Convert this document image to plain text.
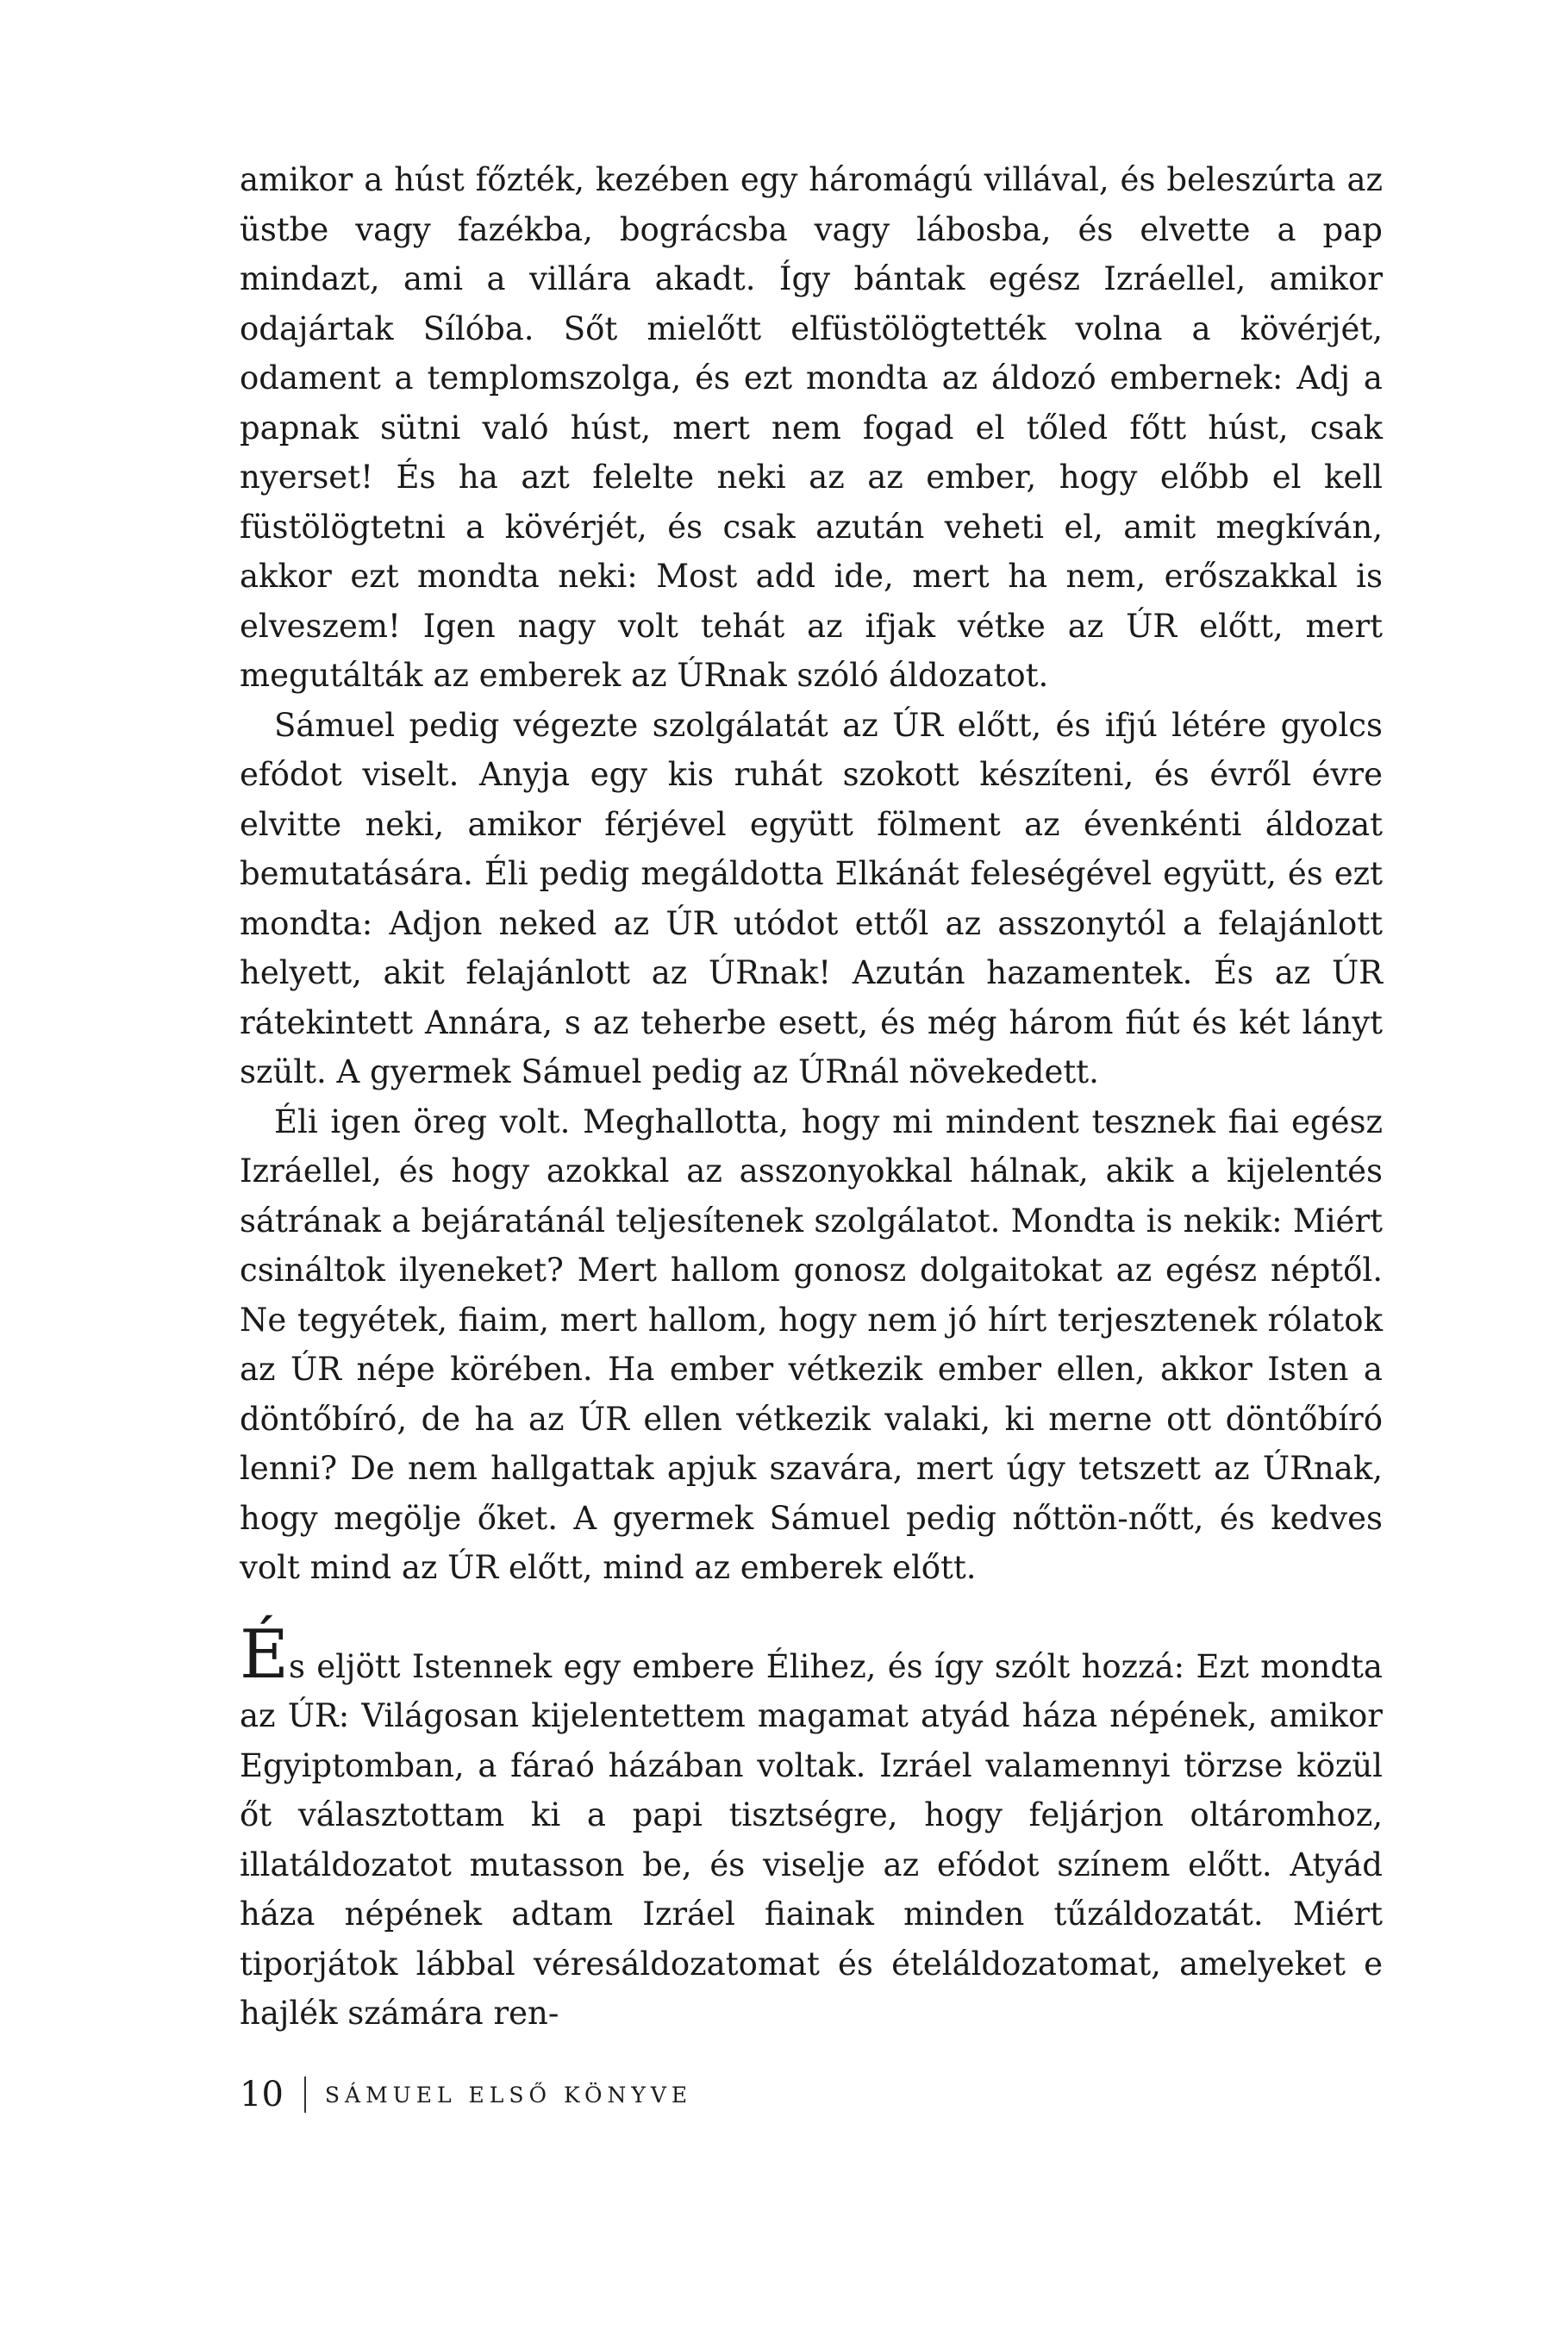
amikor a húst főzték, kezében egy háromágú villával, és beleszúrta az üstbe vagy fazékba, bográcsba vagy lábosba, és elvette a pap mindazt, ami a villára akadt. Így bántak egész Izráellel, amikor odajártak Sílóba. Sőt mielőtt elfüstölögtették volna a kövérjét, odament a templomszolga, és ezt mondta az áldozó embernek: Adj a papnak sütni való húst, mert nem fogad el tőled főtt húst, csak nyerset! És ha azt felelte neki az az ember, hogy előbb el kell füstölögtetni a kövérjét, és csak azután veheti el, amit megkíván, akkor ezt mondta neki: Most add ide, mert ha nem, erőszakkal is elveszem! Igen nagy volt tehát az ifjak vétke az ÚR előtt, mert megutálták az emberek az ÚRnak szóló áldozatot.

Sámuel pedig végezte szolgálatát az ÚR előtt, és ifjú létére gyolcs efódot viselt. Anyja egy kis ruhát szokott készíteni, és évről évre elvitte neki, amikor férjével együtt fölment az évenkénti áldozat bemutatására. Éli pedig megáldotta Elkánát feleségével együtt, és ezt mondta: Adjon neked az ÚR utódot ettől az asszonytól a felajánlott helyett, akit felajánlott az ÚRnak! Azután hazamentek. És az ÚR rátekintett Annára, s az teherbe esett, és még három fiút és két lányt szült. A gyermek Sámuel pedig az ÚRnál növekedett.

Éli igen öreg volt. Meghallotta, hogy mi mindent tesznek fiai egész Izráellel, és hogy azokkal az asszonyokkal hálnak, akik a kijelentés sátrának a bejáratánál teljesítenek szolgálatot. Mondta is nekik: Miért csináltok ilyeneket? Mert hallom gonosz dolgaitokat az egész néptől. Ne tegyétek, fiaim, mert hallom, hogy nem jó hírt terjesztenek rólatok az ÚR népe körében. Ha ember vétkezik ember ellen, akkor Isten a döntőbíró, de ha az ÚR ellen vétkezik valaki, ki merne ott döntőbíró lenni? De nem hallgattak apjuk szavára, mert úgy tetszett az ÚRnak, hogy megölje őket. A gyermek Sámuel pedig nőttön-nőtt, és kedves volt mind az ÚR előtt, mind az emberek előtt.

És eljött Istennek egy embere Élihez, és így szólt hozzá: Ezt mondta az ÚR: Világosan kijelentettem magamat atyád háza népének, amikor Egyiptomban, a fáraó házában voltak. Izráel valamennyi törzse közül őt választottam ki a papi tisztségre, hogy feljárjon oltáromhoz, illatáldozatot mutasson be, és viselje az efódot színem előtt. Atyád háza népének adtam Izráel fiainak minden tűzáldozatát. Miért tiporjátok lábbal véresáldozatomat és ételáldozatomat, amelyeket e hajlék számára ren-

10 SÁMUEL ELSŐ KÖNYVE
